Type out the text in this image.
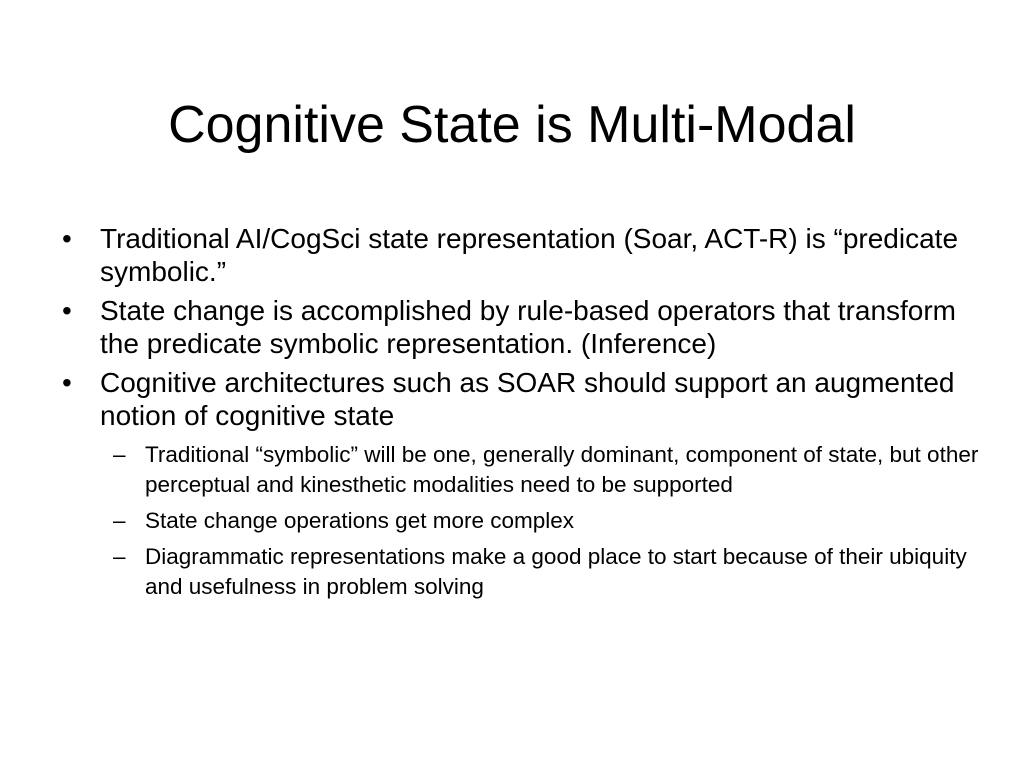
Cognitive State is Multi-Modal
• Traditional AI/CogSci state representation (Soar, ACT-R) is “predicate symbolic.”
• State change is accomplished by rule-based operators that transform the predicate symbolic representation. (Inference)
• Cognitive architectures such as SOAR should support an augmented notion of cognitive state
– Traditional “symbolic” will be one, generally dominant, component of state, but other perceptual and kinesthetic modalities need to be supported
– State change operations get more complex
– Diagrammatic representations make a good place to start because of their ubiquity and usefulness in problem solving
